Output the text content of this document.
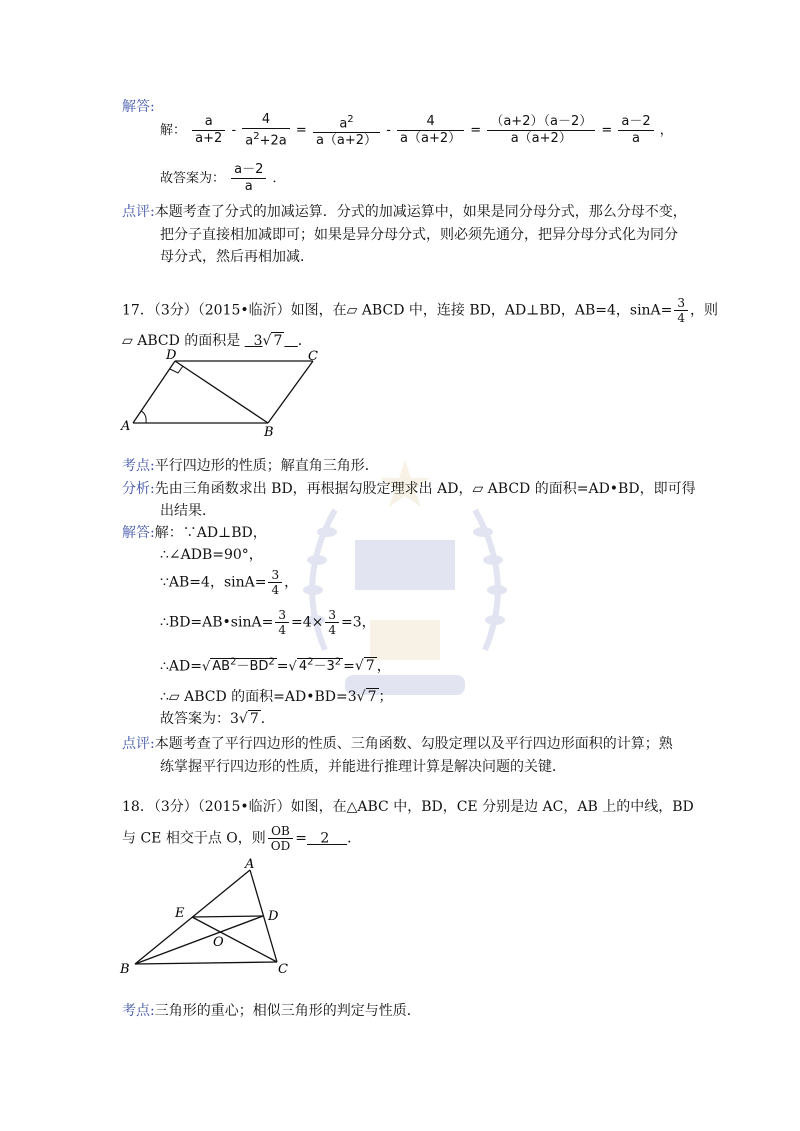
解答:
解： $\frac{a}{a+2} - \frac{4}{a^2+2a} = \frac{a^2}{a(a+2)} - \frac{4}{a(a+2)} = \frac{(a+2)(a-2)}{a(a+2)} = \frac{a-2}{a}$ ，
故答案为： $\frac{a-2}{a}$ ．
点评:本题考查了分式的加减运算．分式的加减运算中，如果是同分母分式，那么分母不变，
把分子直接相加减即可；如果是异分母分式，则必须先通分，把异分母分式化为同分
母分式，然后再相加减．
17．（3分）（2015•临沂）如图，在▱ ABCD 中，连接 BD，AD⊥BD，AB=4，$\sin A= \frac{3}{4}$ ，则
▱ ABCD 的面积是 3√ 7 ．
D	C
A	B
考点:平行四边形的性质；解直角三角形．
分析:先由三角函数求出 BD，再根据勾股定理求出 AD，▱ ABCD 的面积=AD•BD，即可得
出结果．
解答:解：∵AD⊥BD，
∴∠ADB=90°，
∵AB=4，$\sin A= \frac{3}{4}$ ，
∴BD=AB•sinA= $\frac{3}{4} =4\times \frac{3}{4} =3$，
∴AD=√ $AB^2-BD^2$ =√ $4^2-3^2$ =√ 7 ，
∴▱ ABCD 的面积=AD•BD=3√ 7 ；
故答案为：3√ 7 ．
点评:本题考查了平行四边形的性质、三角函数、勾股定理以及平行四边形面积的计算；熟
练掌握平行四边形的性质，并能进行推理计算是解决问题的关键．
18．（3分）（2015•临沂）如图，在△ABC 中，BD，CE 分别是边 AC，AB 上的中线，BD
与 CE 相交于点 O，则 $\frac{OB}{OD} = 2$ ．
A
E	D
O
B	C
考点:三角形的重心；相似三角形的判定与性质．
